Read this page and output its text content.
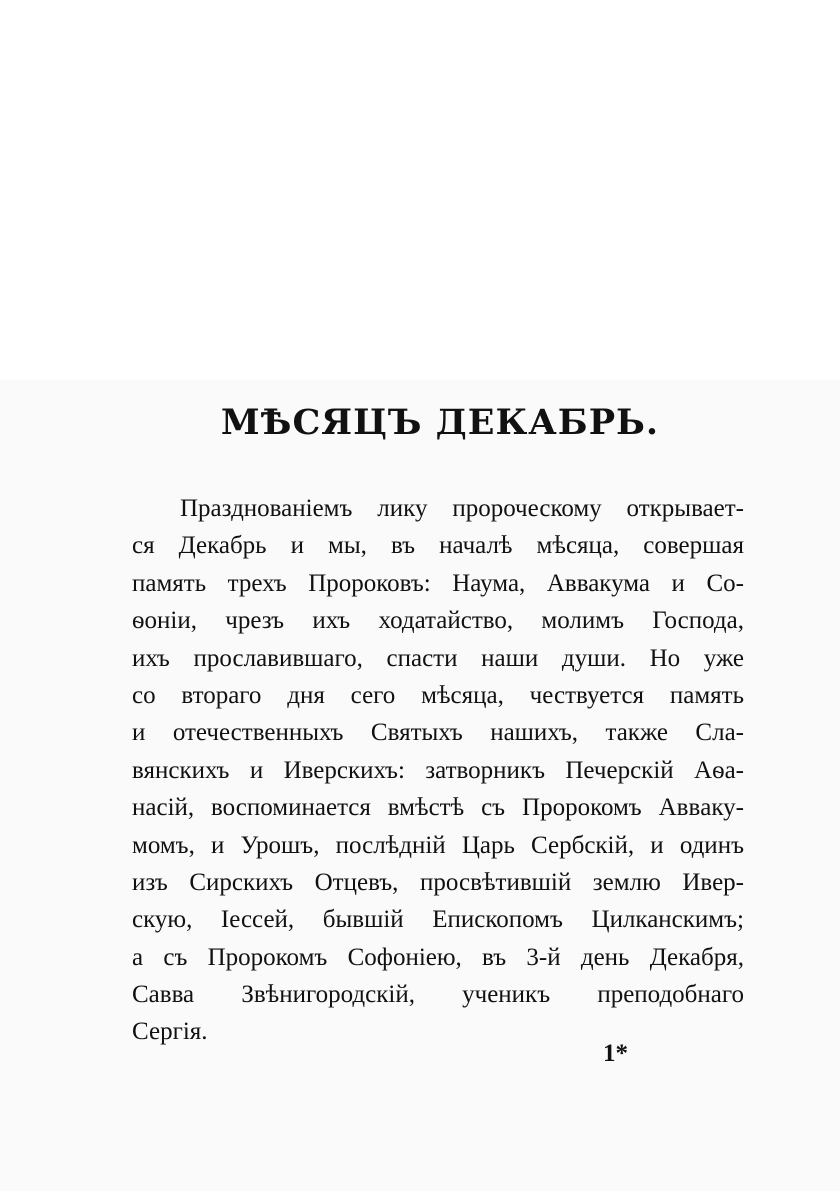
МѢСЯЦЪ ДЕКАБРЬ.
Празднованіемъ лику пророческому открывает-
ся Декабрь и мы, въ началѣ мѣсяца, совершая
память трехъ Пророковъ: Наума, Аввакума и Со-
ѳоніи, чрезъ ихъ ходатайство, молимъ Господа,
ихъ прославившаго, спасти наши души. Но уже
со втораго дня сего мѣсяца, чествуется память
и отечественныхъ Святыхъ нашихъ, также Сла-
вянскихъ и Иверскихъ: затворникъ Печерскій Аѳа-
насій, воспоминается вмѣстѣ съ Пророкомъ Аввaку-
момъ, и Урошъ, послѣдній Царь Сербскій, и одинъ
изъ Сирскихъ Отцевъ, просвѣтившій землю Ивер-
скую, Іессей, бывшій Епископомъ Цилканскимъ;
а съ Пророкомъ Софоніею, въ 3-й день Декабря,
Савва Звѣнигородскій, ученикъ преподобнаго
Сергія.

1*
